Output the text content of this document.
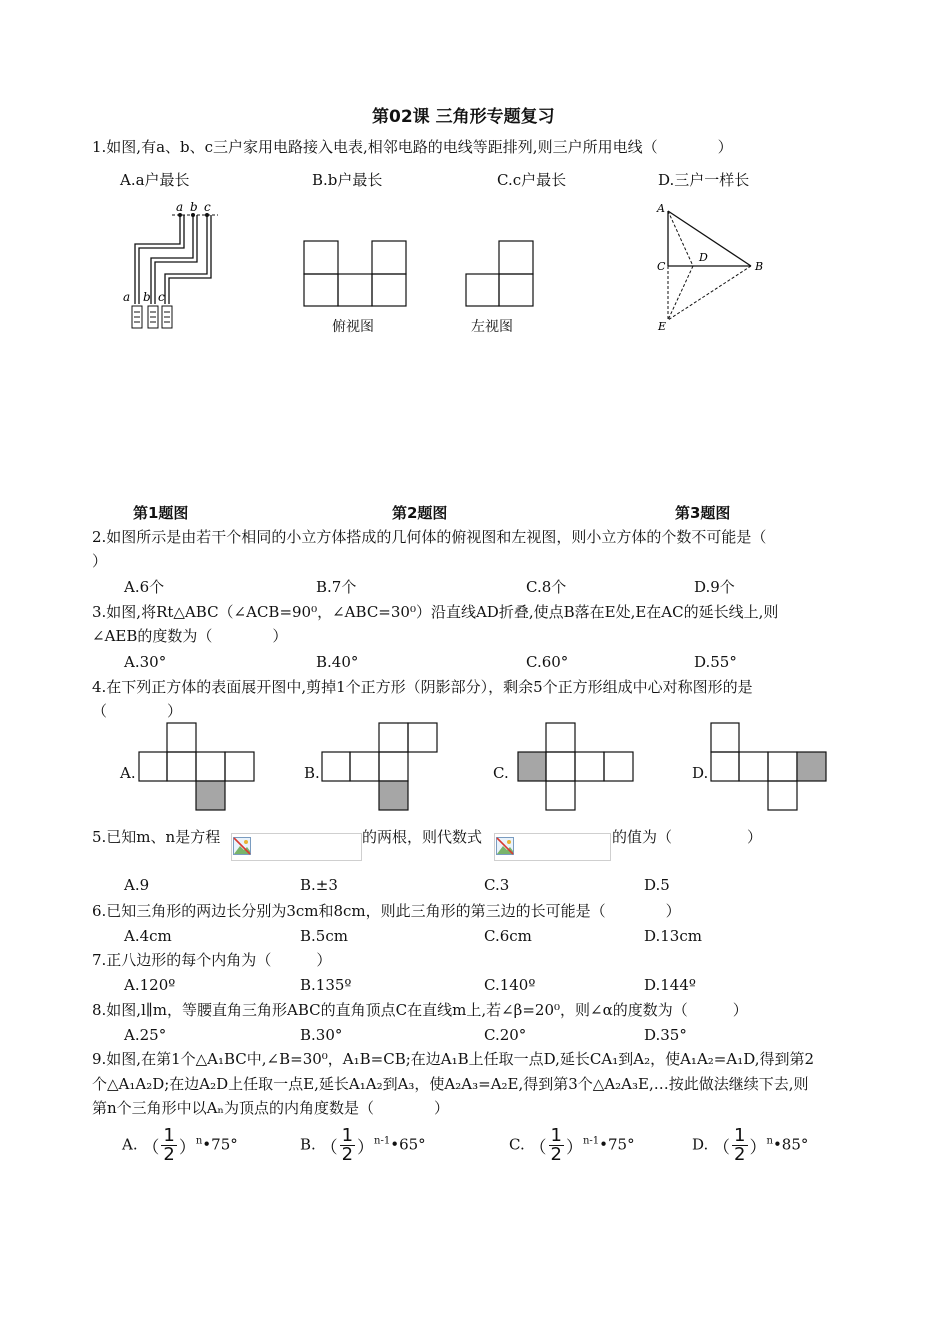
第02课 三角形专题复习
1.如图,有a、b、c三户家用电路接入电表,相邻电路的电线等距排列,则三户所用电线（　　　　）
A.a户最长	B.b户最长	C.c户最长	D.三户一样长
a b c
a b c
俯视图	左视图
A
C
D
B
E
第1题图	第2题图	第3题图
2.如图所示是由若干个相同的小立方体搭成的几何体的俯视图和左视图，则小立方体的个数不可能是（
）
A.6个	B.7个	C.8个	D.9个
3.如图,将Rt△ABC（∠ACB=90⁰，∠ABC=30⁰）沿直线AD折叠,使点B落在E处,E在AC的延长线上,则
∠AEB的度数为（　　　　）
A.30°	B.40°	C.60°	D.55°
4.在下列正方体的表面展开图中,剪掉1个正方形（阴影部分），剩余5个正方形组成中心对称图形的是
（　　　　）
A.	B.	C.	D.
5.已知m、n是方程	的两根，则代数式	的值为（　　　　　）
A.9	B.±3	C.3	D.5
6.已知三角形的两边长分别为3cm和8cm，则此三角形的第三边的长可能是（　　　　）
A.4cm	B.5cm	C.6cm	D.13cm
7.正八边形的每个内角为（　　　）
A.120º	B.135º	C.140º	D.144º
8.如图,l∥m，等腰直角三角形ABC的直角顶点C在直线m上,若∠β=20⁰，则∠α的度数为（　　　）
A.25°	B.30°	C.20°	D.35°
9.如图,在第1个△A₁BC中,∠B=30⁰，A₁B=CB;在边A₁B上任取一点D,延长CA₁到A₂，使A₁A₂=A₁D,得到第2
个△A₁A₂D;在边A₂D上任取一点E,延长A₁A₂到A₃，使A₂A₃=A₂E,得到第3个△A₂A₃E,…按此做法继续下去,则
第n个三角形中以Aₙ为顶点的内角度数是（　　　　）
A. （ $\frac{1}{2}$ ）$^n$•75°	B. （ $\frac{1}{2}$ ）$^{n-1}$•65°	C. （ $\frac{1}{2}$ ）$^{n-1}$•75°	D. （ $\frac{1}{2}$ ）$^n$•85°
